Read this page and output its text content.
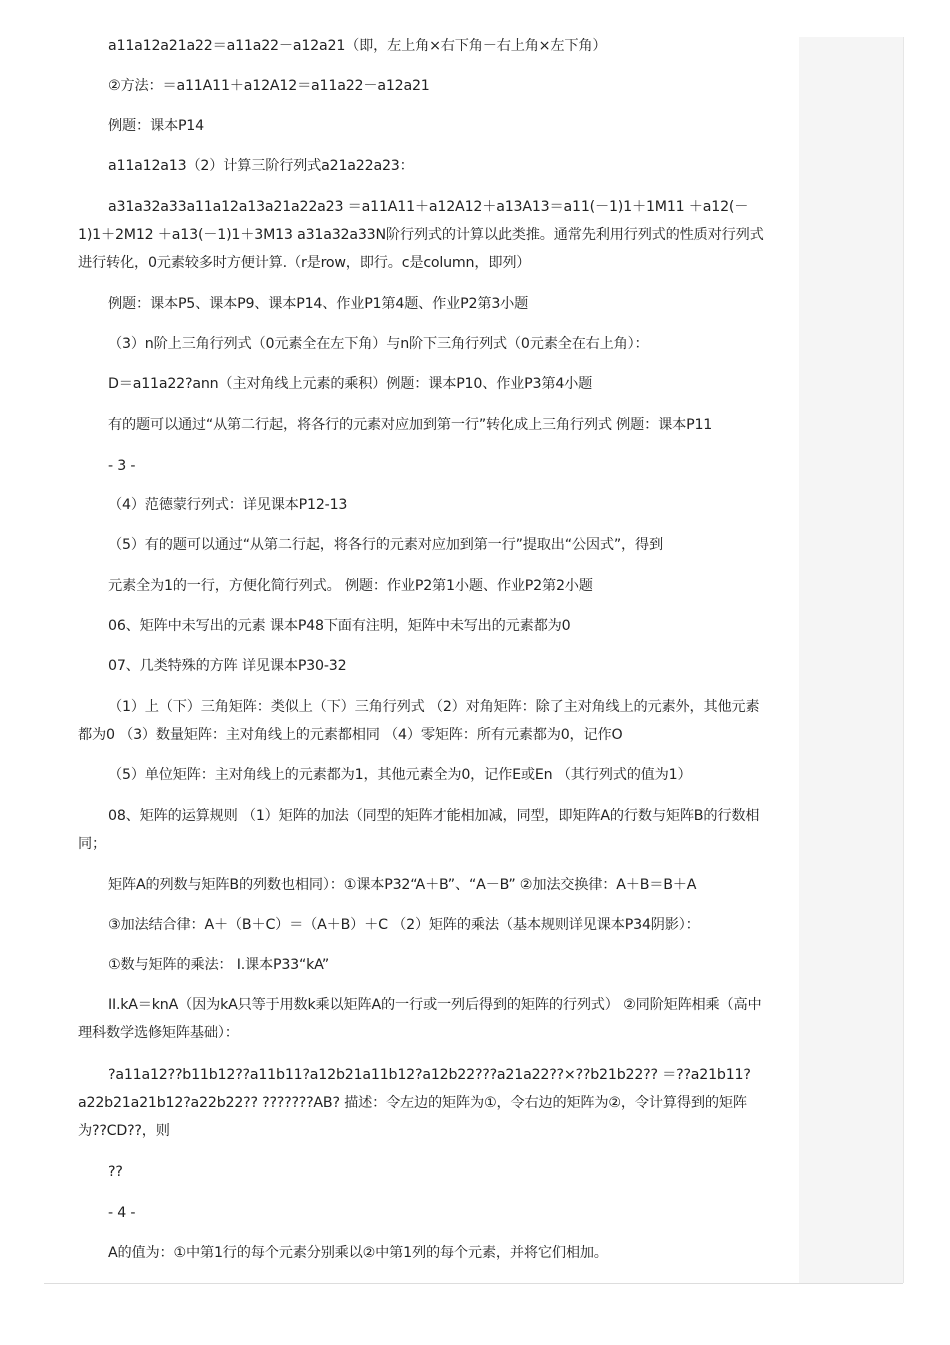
a11a12a21a22＝a11a22－a12a21（即，左上角×右下角－右上角×左下角）
②方法：＝a11A11＋a12A12＝a11a22－a12a21
例题：课本P14
a11a12a13（2）计算三阶行列式a21a22a23：
a31a32a33a11a12a13a21a22a23 ＝a11A11＋a12A12＋a13A13＝a11(－1)1＋1M11 ＋a12(－1)1＋2M12 ＋a13(－1)1＋3M13 a31a32a33N阶行列式的计算以此类推。通常先利用行列式的性质对行列式进行转化，0元素较多时方便计算.（r是row，即行。c是column，即列）
例题：课本P5、课本P9、课本P14、作业P1第4题、作业P2第3小题
（3）n阶上三角行列式（0元素全在左下角）与n阶下三角行列式（0元素全在右上角）：
D＝a11a22?ann（主对角线上元素的乘积）例题：课本P10、作业P3第4小题
有的题可以通过“从第二行起，将各行的元素对应加到第一行”转化成上三角行列式 例题：课本P11
- 3 -
（4）范德蒙行列式：详见课本P12-13
（5）有的题可以通过“从第二行起，将各行的元素对应加到第一行”提取出“公因式”，得到
元素全为1的一行，方便化简行列式。 例题：作业P2第1小题、作业P2第2小题
06、矩阵中未写出的元素 课本P48下面有注明，矩阵中未写出的元素都为0
07、几类特殊的方阵 详见课本P30-32
（1）上（下）三角矩阵：类似上（下）三角行列式 （2）对角矩阵：除了主对角线上的元素外，其他元素都为0 （3）数量矩阵：主对角线上的元素都相同 （4）零矩阵：所有元素都为0，记作O
（5）单位矩阵：主对角线上的元素都为1，其他元素全为0，记作E或En （其行列式的值为1）
08、矩阵的运算规则 （1）矩阵的加法（同型的矩阵才能相加减，同型，即矩阵A的行数与矩阵B的行数相同；
矩阵A的列数与矩阵B的列数也相同）：①课本P32“A＋B”、“A－B” ②加法交换律：A＋B＝B＋A
③加法结合律：A＋（B＋C）＝（A＋B）＋C （2）矩阵的乘法（基本规则详见课本P34阴影）：
①数与矩阵的乘法： I.课本P33“kA”
II.kA＝knA（因为kA只等于用数k乘以矩阵A的一行或一列后得到的矩阵的行列式） ②同阶矩阵相乘（高中理科数学选修矩阵基础）：
?a11a12??b11b12??a11b11?a12b21a11b12?a12b22???a21a22??×??b21b22?? ＝??a21b11?a22b21a21b12?a22b22?? ???????AB? 描述：令左边的矩阵为①，令右边的矩阵为②，令计算得到的矩阵为??CD??，则
??
- 4 -
A的值为：①中第1行的每个元素分别乘以②中第1列的每个元素，并将它们相加。
